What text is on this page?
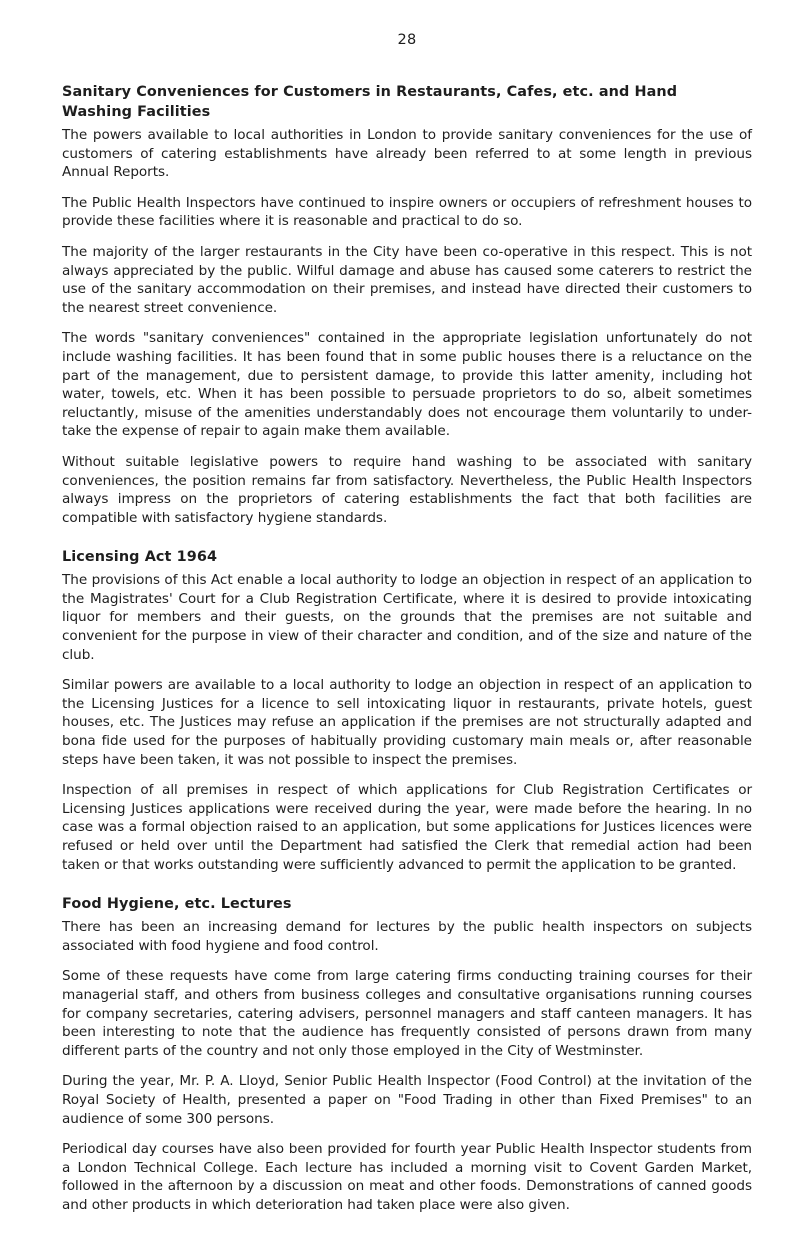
28
Sanitary Conveniences for Customers in Restaurants, Cafes, etc. and Hand Washing Facilities

The powers available to local authorities in London to provide sanitary conveniences for the use of customers of catering establishments have already been referred to at some length in previous Annual Reports.

The Public Health Inspectors have continued to inspire owners or occupiers of refreshment houses to provide these facilities where it is reasonable and practical to do so.

The majority of the larger restaurants in the City have been co-operative in this respect. This is not always appreciated by the public. Wilful damage and abuse has caused some caterers to restrict the use of the sanitary accommodation on their premises, and instead have directed their customers to the nearest street convenience.

The words "sanitary conveniences" contained in the appropriate legislation unfortunately do not include washing facilities. It has been found that in some public houses there is a reluctance on the part of the management, due to persistent damage, to provide this latter amenity, including hot water, towels, etc. When it has been possible to persuade proprietors to do so, albeit sometimes reluctantly, misuse of the amenities understandably does not encourage them voluntarily to under-take the expense of repair to again make them available.

Without suitable legislative powers to require hand washing to be associated with sanitary conveniences, the position remains far from satisfactory. Nevertheless, the Public Health Inspectors always impress on the proprietors of catering establishments the fact that both facilities are compatible with satisfactory hygiene standards.

Licensing Act 1964

The provisions of this Act enable a local authority to lodge an objection in respect of an application to the Magistrates' Court for a Club Registration Certificate, where it is desired to provide intoxicating liquor for members and their guests, on the grounds that the premises are not suitable and convenient for the purpose in view of their character and condition, and of the size and nature of the club.

Similar powers are available to a local authority to lodge an objection in respect of an application to the Licensing Justices for a licence to sell intoxicating liquor in restaurants, private hotels, guest houses, etc. The Justices may refuse an application if the premises are not structurally adapted and bona fide used for the purposes of habitually providing customary main meals or, after reasonable steps have been taken, it was not possible to inspect the premises.

Inspection of all premises in respect of which applications for Club Registration Certificates or Licensing Justices applications were received during the year, were made before the hearing. In no case was a formal objection raised to an application, but some applications for Justices licences were refused or held over until the Department had satisfied the Clerk that remedial action had been taken or that works outstanding were sufficiently advanced to permit the application to be granted.

Food Hygiene, etc. Lectures

There has been an increasing demand for lectures by the public health inspectors on subjects associated with food hygiene and food control.

Some of these requests have come from large catering firms conducting training courses for their managerial staff, and others from business colleges and consultative organisations running courses for company secretaries, catering advisers, personnel managers and staff canteen managers. It has been interesting to note that the audience has frequently consisted of persons drawn from many different parts of the country and not only those employed in the City of Westminster.

During the year, Mr. P. A. Lloyd, Senior Public Health Inspector (Food Control) at the invitation of the Royal Society of Health, presented a paper on "Food Trading in other than Fixed Premises" to an audience of some 300 persons.

Periodical day courses have also been provided for fourth year Public Health Inspector students from a London Technical College. Each lecture has included a morning visit to Covent Garden Market, followed in the afternoon by a discussion on meat and other foods. Demonstrations of canned goods and other products in which deterioration had taken place were also given.
